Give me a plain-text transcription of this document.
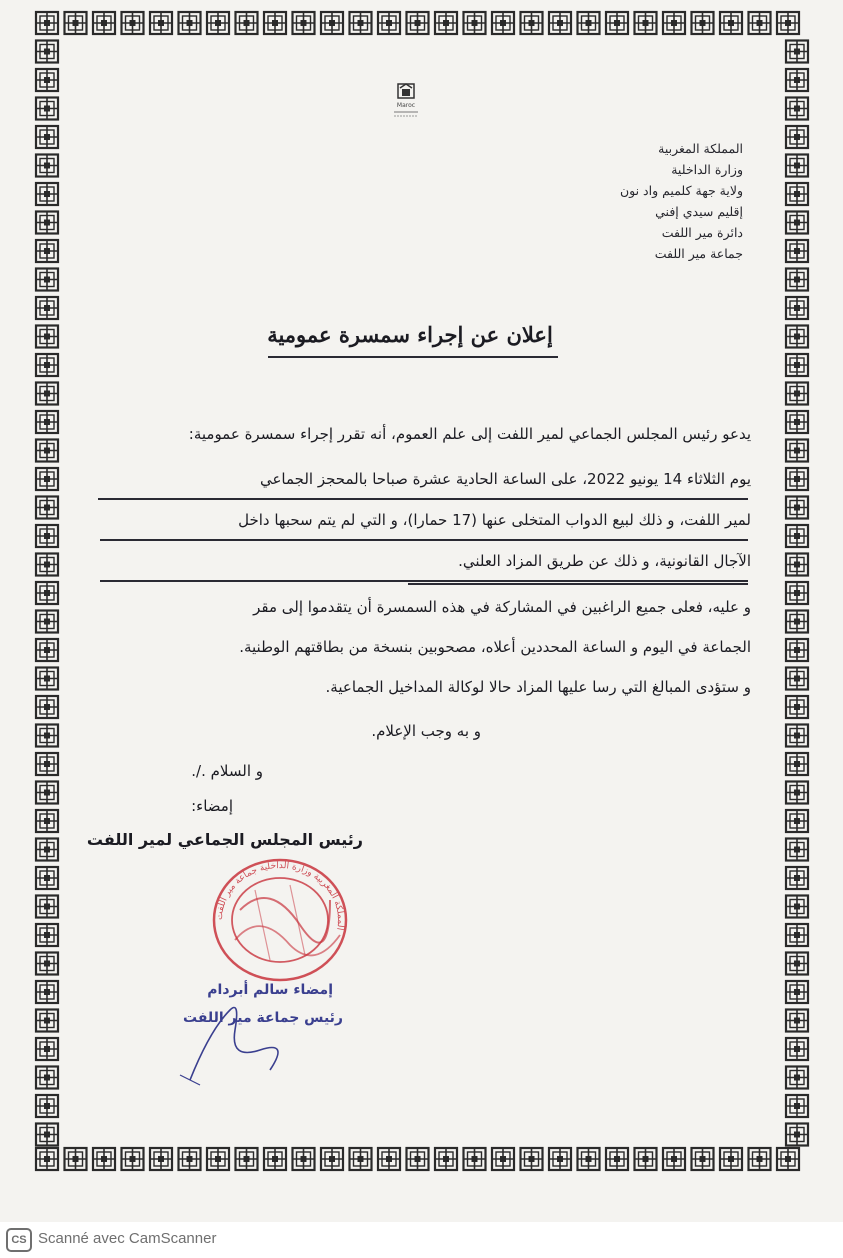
Maroc
المملكة المغربية
وزارة الداخلية
ولاية جهة كلميم واد نون
إقليم سيدي إفني
دائرة مير اللفت
جماعة مير اللفت
إعلان عن إجراء سمسرة عمومية
يدعو رئيس المجلس الجماعي لمير اللفت إلى علم العموم، أنه تقرر إجراء سمسرة عمومية:
يوم الثلاثاء 14 يونيو 2022، على الساعة الحادية عشرة صباحا بالمحجز الجماعي
لمير اللفت، و ذلك لبيع الدواب المتخلى عنها (17 حمارا)، و التي لم يتم سحبها داخل
الآجال القانونية، و ذلك عن طريق المزاد العلني.
و عليه، فعلى جميع الراغبين في المشاركة في هذه السمسرة أن يتقدموا إلى مقر
الجماعة في اليوم و الساعة المحددين أعلاه، مصحوبين بنسخة من بطاقتهم الوطنية.
و ستؤدى المبالغ التي رسا عليها المزاد حالا لوكالة المداخيل الجماعية.
و به وجب الإعلام.
و السلام ./.
إمضاء:
رئيس المجلس الجماعي لمير اللفت
المملكة المغربية وزارة الداخلية جماعة مير اللفت
إمضاء سالم أبردام
رئيس جماعة مير اللفت
CS Scanné avec CamScanner
